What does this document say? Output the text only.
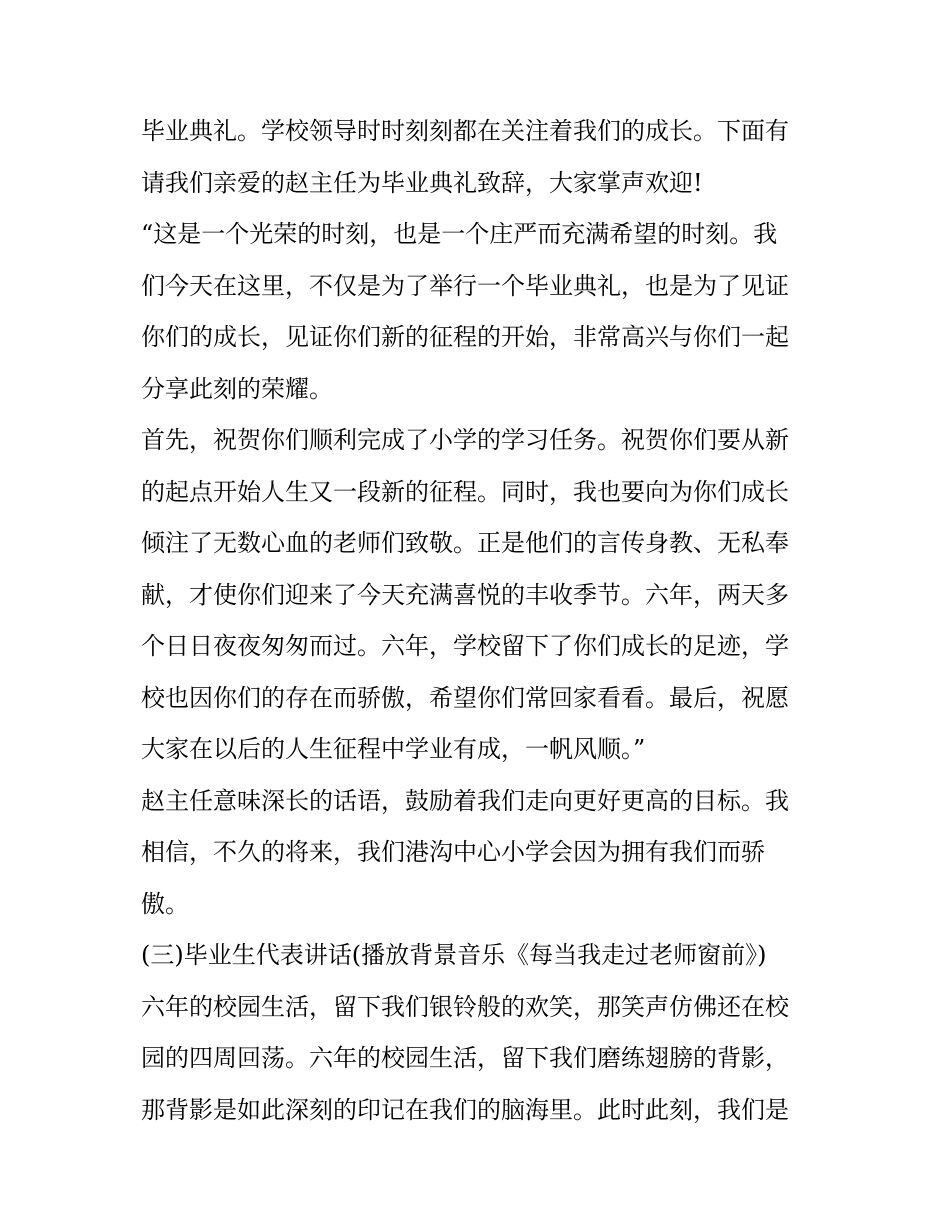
毕业典礼。学校领导时时刻刻都在关注着我们的成长。下面有
请我们亲爱的赵主任为毕业典礼致辞，大家掌声欢迎!
“这是一个光荣的时刻，也是一个庄严而充满希望的时刻。我
们今天在这里，不仅是为了举行一个毕业典礼，也是为了见证
你们的成长，见证你们新的征程的开始，非常高兴与你们一起
分享此刻的荣耀。
首先，祝贺你们顺利完成了小学的学习任务。祝贺你们要从新
的起点开始人生又一段新的征程。同时，我也要向为你们成长
倾注了无数心血的老师们致敬。正是他们的言传身教、无私奉
献，才使你们迎来了今天充满喜悦的丰收季节。六年，两天多
个日日夜夜匆匆而过。六年，学校留下了你们成长的足迹，学
校也因你们的存在而骄傲，希望你们常回家看看。最后，祝愿
大家在以后的人生征程中学业有成，一帆风顺。”
赵主任意味深长的话语，鼓励着我们走向更好更高的目标。我
相信，不久的将来，我们港沟中心小学会因为拥有我们而骄
傲。
(三)毕业生代表讲话(播放背景音乐《每当我走过老师窗前》)
六年的校园生活，留下我们银铃般的欢笑，那笑声仿佛还在校
园的四周回荡。六年的校园生活，留下我们磨练翅膀的背影，
那背影是如此深刻的印记在我们的脑海里。此时此刻，我们是
